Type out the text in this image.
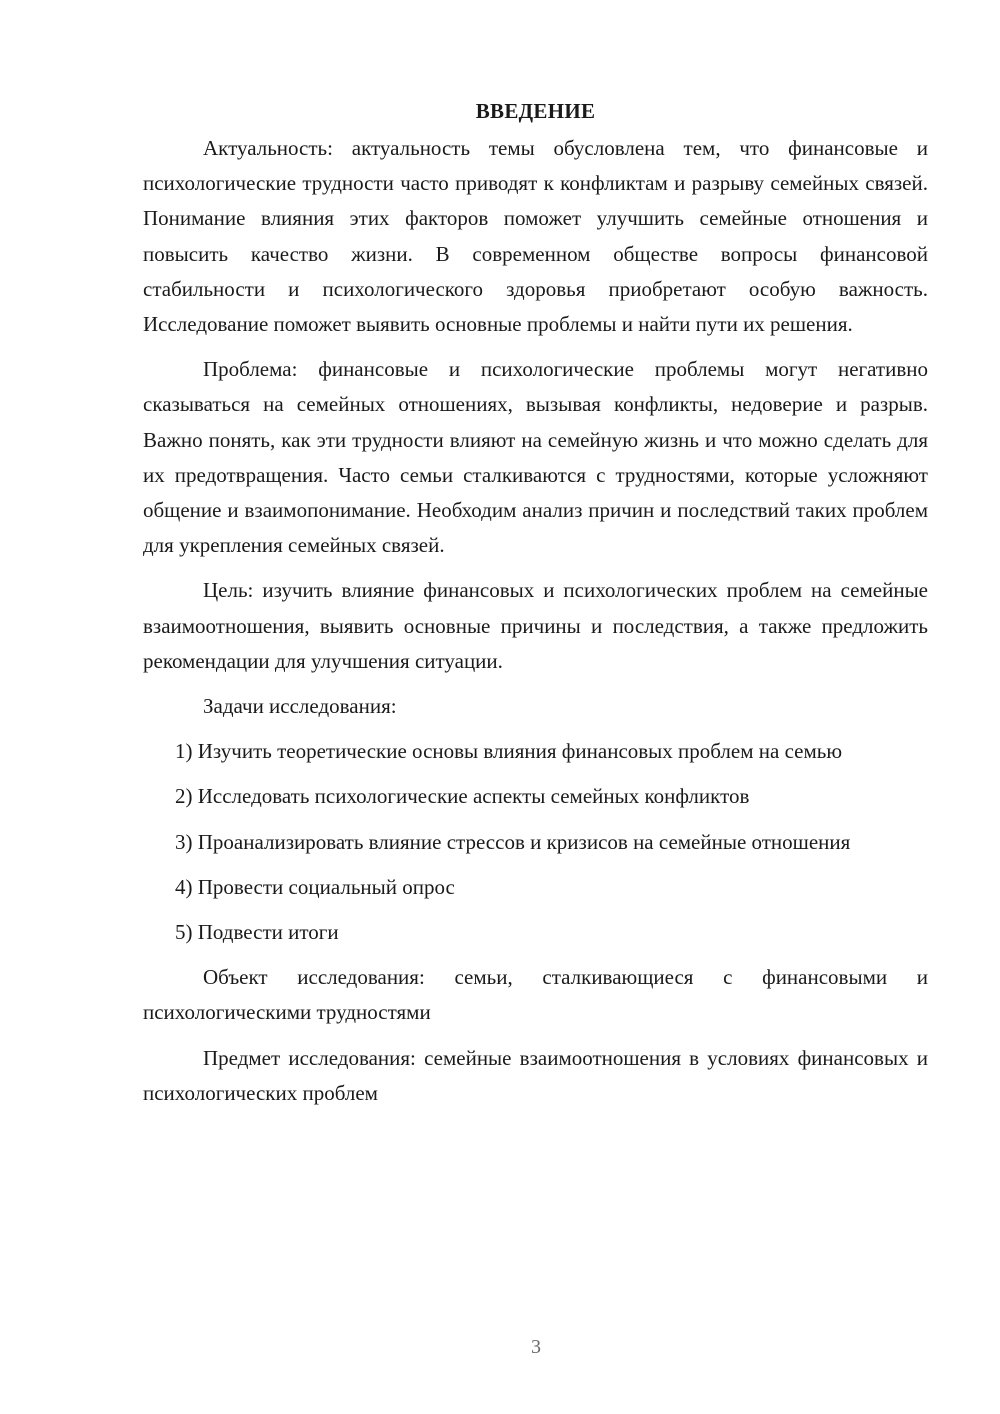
ВВЕДЕНИЕ

Актуальность: актуальность темы обусловлена тем, что финансовые и психологические трудности часто приводят к конфликтам и разрыву семейных связей. Понимание влияния этих факторов поможет улучшить семейные отношения и повысить качество жизни. В современном обществе вопросы финансовой стабильности и психологического здоровья приобретают особую важность. Исследование поможет выявить основные проблемы и найти пути их решения.

Проблема: финансовые и психологические проблемы могут негативно сказываться на семейных отношениях, вызывая конфликты, недоверие и разрыв. Важно понять, как эти трудности влияют на семейную жизнь и что можно сделать для их предотвращения. Часто семьи сталкиваются с трудностями, которые усложняют общение и взаимопонимание. Необходим анализ причин и последствий таких проблем для укрепления семейных связей.

Цель: изучить влияние финансовых и психологических проблем на семейные взаимоотношения, выявить основные причины и последствия, а также предложить рекомендации для улучшения ситуации.

Задачи исследования:

1) Изучить теоретические основы влияния финансовых проблем на семью

2) Исследовать психологические аспекты семейных конфликтов

3) Проанализировать влияние стрессов и кризисов на семейные отношения

4) Провести социальный опрос

5) Подвести итоги

Объект исследования: семьи, сталкивающиеся с финансовыми и психологическими трудностями

Предмет исследования: семейные взаимоотношения в условиях финансовых и психологических проблем

3
